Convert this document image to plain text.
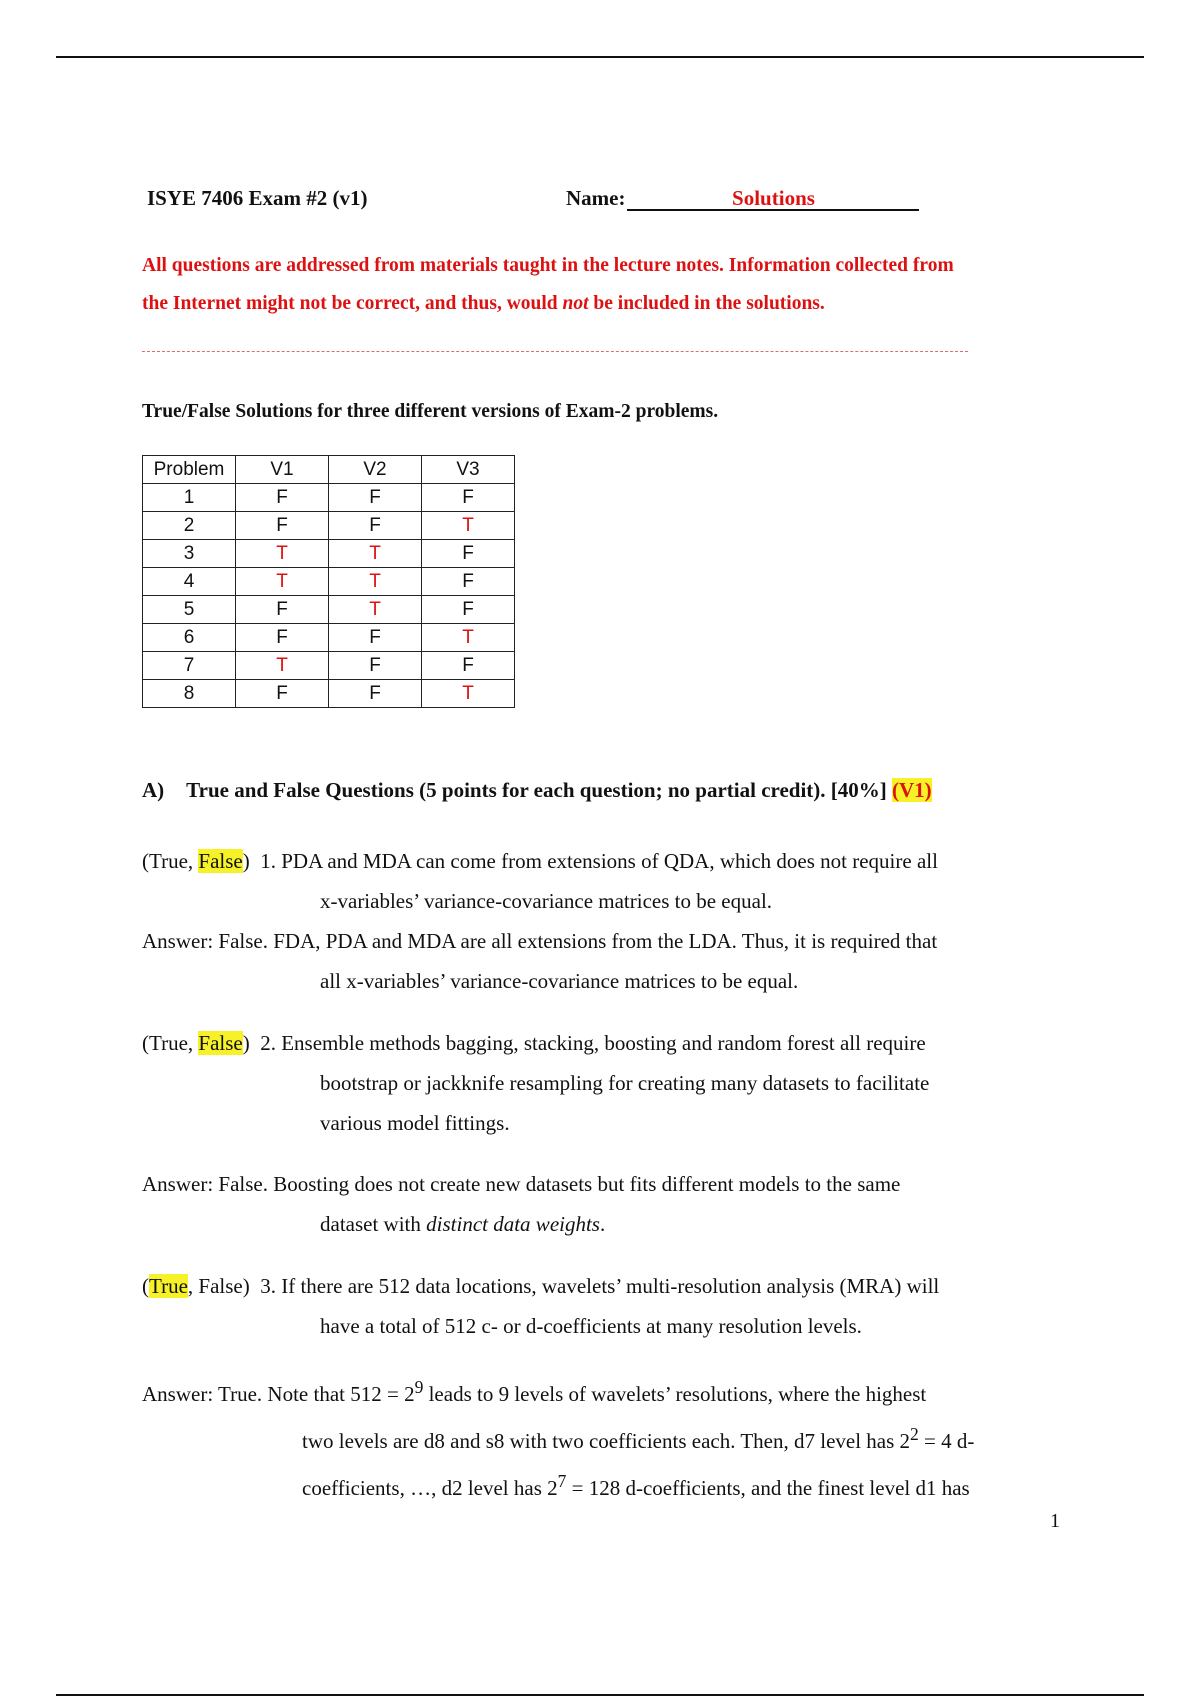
ISYE 7406 Exam #2 (v1)	Name:	Solutions
All questions are addressed from materials taught in the lecture notes. Information collected from
the Internet might not be correct, and thus, would not be included in the solutions.
True/False Solutions for three different versions of Exam-2 problems.
Problem	V1	V2	V3
1	F	F	F
2	F	F	T
3	T	T	F
4	T	T	F
5	F	T	F
6	F	F	T
7	T	F	F
8	F	F	T
A) True and False Questions (5 points for each question; no partial credit). [40%] (V1)
(True, False) 1. PDA and MDA can come from extensions of QDA, which does not require all
x-variables’ variance-covariance matrices to be equal.
Answer: False. FDA, PDA and MDA are all extensions from the LDA. Thus, it is required that
all x-variables’ variance-covariance matrices to be equal.
(True, False) 2. Ensemble methods bagging, stacking, boosting and random forest all require
bootstrap or jackknife resampling for creating many datasets to facilitate
various model fittings.
Answer: False. Boosting does not create new datasets but fits different models to the same
dataset with distinct data weights.
(True, False) 3. If there are 512 data locations, wavelets’ multi-resolution analysis (MRA) will
have a total of 512 c- or d-coefficients at many resolution levels.
Answer: True. Note that $512 = 2^9$ leads to 9 levels of wavelets’ resolutions, where the highest
two levels are d8 and s8 with two coefficients each. Then, d7 level has $2^2 = 4$ d-
coefficients, …, d2 level has $2^7 = 128$ d-coefficients, and the finest level d1 has
1
